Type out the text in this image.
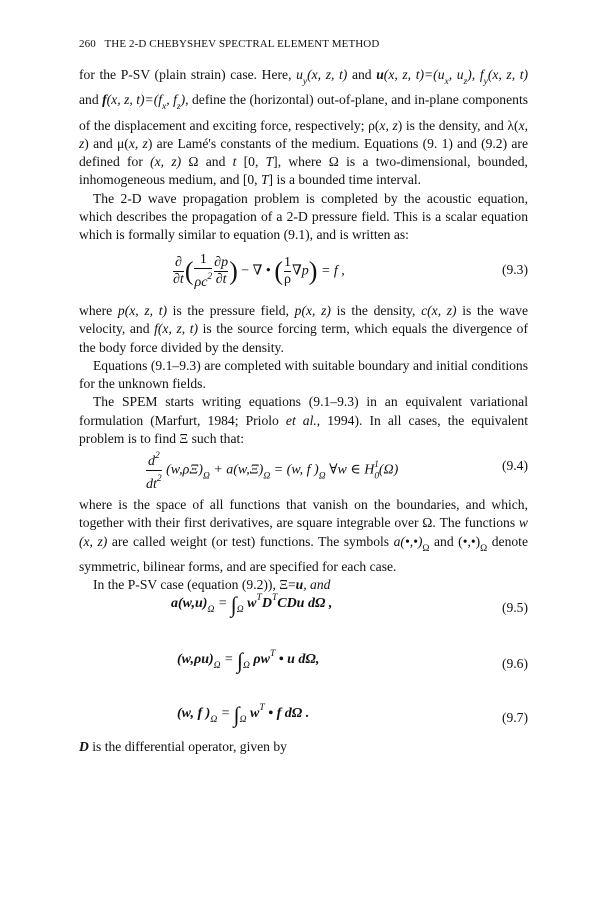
260 THE 2-D CHEBYSHEV SPECTRAL ELEMENT METHOD

for the P-SV (plain strain) case. Here, $u_y(x$, z, t) and u(x, z, $t)=(u_x$, $u_z$), $f_y(x$, z, t) and f(x, z, $t)=(f_x$, $f_z$), define the (horizontal) out-of-plane, and in-plane components of the displacement and exciting force, respectively; ρ(x, z) is the density, and λ(x, z) and μ(x, z) are Lamé's constants of the medium. Equations (9. 1) and (9.2) are defined for (x, z) Ω and t [0, T], where Ω is a two-dimensional, bounded, inhomogeneous medium, and [0, T] is a bounded time interval.

The 2-D wave propagation problem is completed by the acoustic equation, which describes the propagation of a 2-D pressure field. This is a scalar equation which is formally similar to equation (9.1), and is written as:

$\frac{\partial}{\partial t}$ ( $\frac{1}{\rho c^2} \frac{\partial p}{\partial t}$ ) − ∇ • ( $\frac{1}{\rho} \nabla p) = f$ ,	(9.3)

where p(x, z, t) is the pressure field, p(x, z) is the density, c(x, z) is the wave velocity, and f(x, z, t) is the source forcing term, which equals the divergence of the body force divided by the density.

Equations (9.1–9.3) are completed with suitable boundary and initial conditions for the unknown fields.

The SPEM starts writing equations (9.1–9.3) in an equivalent variational formulation (Marfurt, 1984; Priolo et al., 1994). In all cases, the equivalent problem is to find Ξ such that:

$\frac{d^2}{dt^2} (w,\rho\Xi)_\Omega + a(w,\Xi)_\Omega = (w$, f )$_\Omega$ ∀w ∈ $H_0^1(\Omega)$	(9.4)

where is the space of all functions that vanish on the boundaries, and which, together with their first derivatives, are square integrable over Ω. The functions w (x, z) are called weight (or test) functions. The symbols $a(•,•)_\Omega$ and $(•,•)_\Omega$ denote symmetric, bilinear forms, and are specified for each case.

In the P-SV case (equation (9.2)), Ξ=u, and

$a(w,u)_\Omega = \int_\Omega$ $w^TD^TCDu$ dΩ ,	(9.5)
$(w,\rho u)_\Omega = \int_\Omega$ $\rho w^T$ • u dΩ,	(9.6)
(w, f )$_\Omega = \int_\Omega$ $w^T$ • f dΩ .	(9.7)

D is the differential operator, given by
